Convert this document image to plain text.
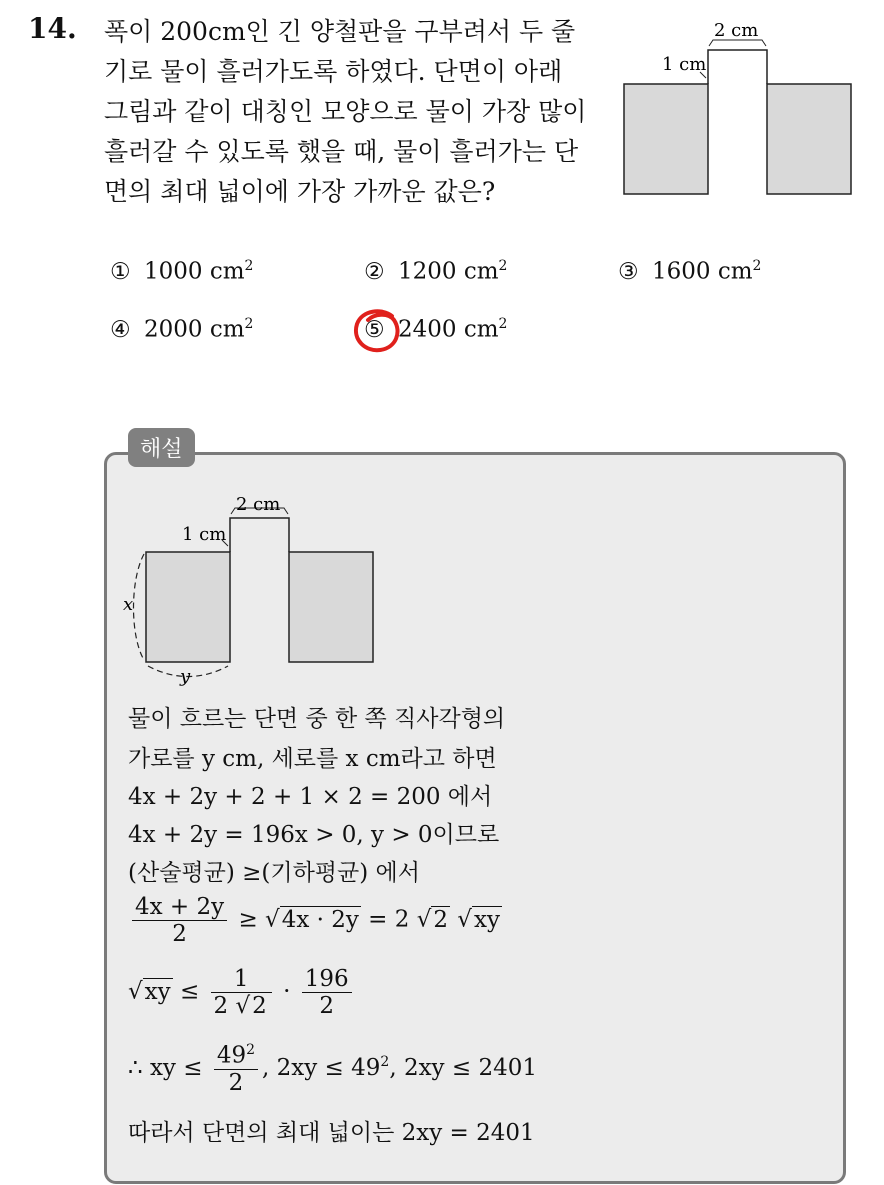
14. 폭이 200cm인 긴 양철판을 구부려서 두 줄
기로 물이 흘러가도록 하였다. 단면이 아래
그림과 같이 대칭인 모양으로 물이 가장 많이
흘러갈 수 있도록 했을 때, 물이 흘러가는 단
면의 최대 넓이에 가장 가까운 값은?
2 cm
1 cm
① 1000 $cm^2$	② 1200 $cm^2$	③ 1600 $cm^2$
④ 2000 $cm^2$	⑤ 2400 $cm^2$
해설
2 cm
1 cm
x
y
물이 흐르는 단면 중 한 쪽 직사각형의
가로를 y cm, 세로를 x cm라고 하면
4x + 2y + 2 + 1 × 2 = 200 에서
4x + 2y = 196x > 0, y > 0이므로
(산술평균) ≥(기하평균) 에서
$\frac{4x + 2y}{2} \ge √4x \cdot 2y = 2$ √2 √xy
$√xy \le \frac{1}{2 √2} \cdot \frac{196}{2}$
∴ xy ≤ $\frac{49^2}{2}$ , $2xy \le 49^2$, 2xy ≤ 2401
따라서 단면의 최대 넓이는 2xy = 2401
